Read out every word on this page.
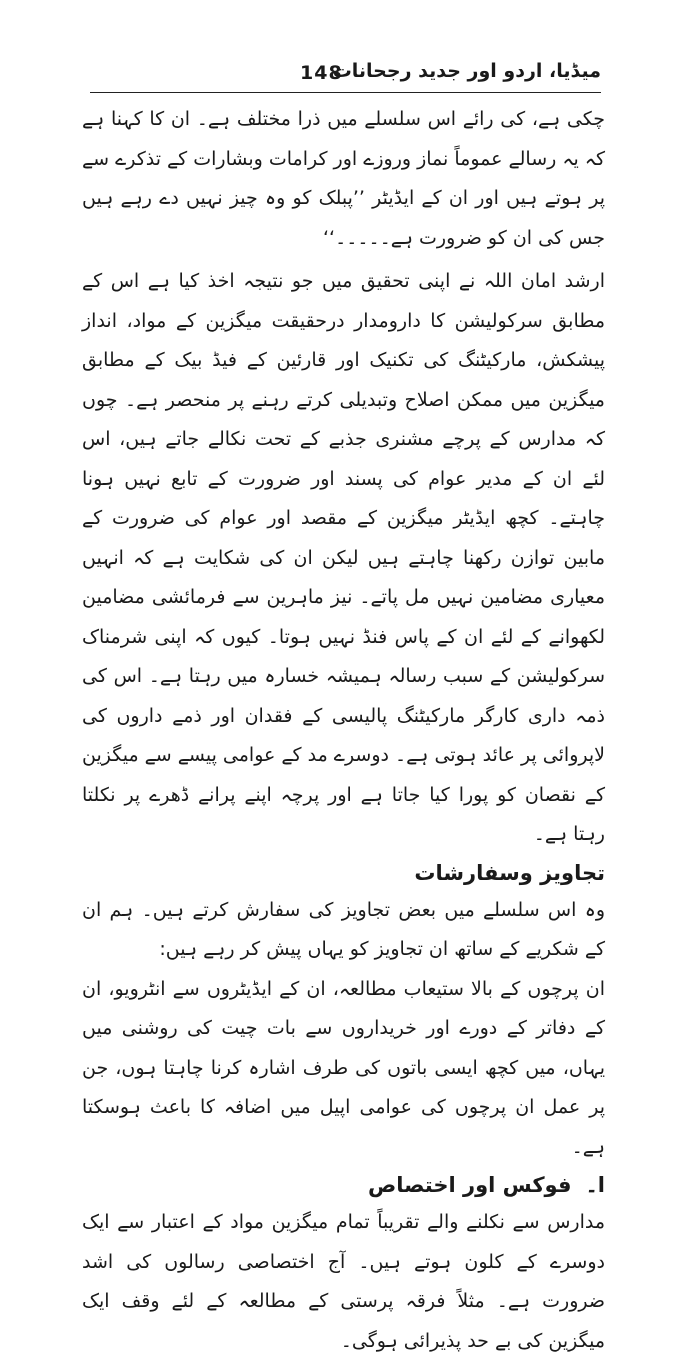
148
میڈیا، اردو اور جدید رجحانات

چکی ہے، کی رائے اس سلسلے میں ذرا مختلف ہے۔ ان کا کہنا ہے کہ یہ رسالے عموماً نماز وروزے اور کرامات وبشارات کے تذکرے سے پر ہوتے ہیں اور ان کے ایڈیٹر ’’پبلک کو وہ چیز نہیں دے رہے ہیں جس کی ان کو ضرورت ہے۔۔۔۔۔‘‘

ارشد امان اللہ نے اپنی تحقیق میں جو نتیجہ اخذ کیا ہے اس کے مطابق سرکولیشن کا دارومدار درحقیقت میگزین کے مواد، انداز پیشکش، مارکیٹنگ کی تکنیک اور قارئین کے فیڈ بیک کے مطابق میگزین میں ممکن اصلاح وتبدیلی کرتے رہنے پر منحصر ہے۔ چوں کہ مدارس کے پرچے مشنری جذبے کے تحت نکالے جاتے ہیں، اس لئے ان کے مدیر عوام کی پسند اور ضرورت کے تابع نہیں ہونا چاہتے۔ کچھ ایڈیٹر میگزین کے مقصد اور عوام کی ضرورت کے مابین توازن رکھنا چاہتے ہیں لیکن ان کی شکایت ہے کہ انہیں معیاری مضامین نہیں مل پاتے۔ نیز ماہرین سے فرمائشی مضامین لکھوانے کے لئے ان کے پاس فنڈ نہیں ہوتا۔ کیوں کہ اپنی شرمناک سرکولیشن کے سبب رسالہ ہمیشہ خسارہ میں رہتا ہے۔ اس کی ذمہ داری کارگر مارکیٹنگ پالیسی کے فقدان اور ذمے داروں کی لاپروائی پر عائد ہوتی ہے۔ دوسرے مد کے عوامی پیسے سے میگزین کے نقصان کو پورا کیا جاتا ہے اور پرچہ اپنے پرانے ڈھرے پر نکلتا رہتا ہے۔

تجاویز وسفارشات

وہ اس سلسلے میں بعض تجاویز کی سفارش کرتے ہیں۔ ہم ان کے شکریے کے ساتھ ان تجاویز کو یہاں پیش کر رہے ہیں:

ان پرچوں کے بالا ستیعاب مطالعہ، ان کے ایڈیٹروں سے انٹرویو، ان کے دفاتر کے دورے اور خریداروں سے بات چیت کی روشنی میں یہاں، میں کچھ ایسی باتوں کی طرف اشارہ کرنا چاہتا ہوں، جن پر عمل ان پرچوں کی عوامی اپیل میں اضافہ کا باعث ہوسکتا ہے۔

ا۔فوکس اور اختصاص

مدارس سے نکلنے والے تقریباً تمام میگزین مواد کے اعتبار سے ایک دوسرے کے کلون ہوتے ہیں۔ آج اختصاصی رسالوں کی اشد ضرورت ہے۔ مثلاً فرقہ پرستی کے مطالعہ کے لئے وقف ایک میگزین کی بے حد پذیرائی ہوگی۔
